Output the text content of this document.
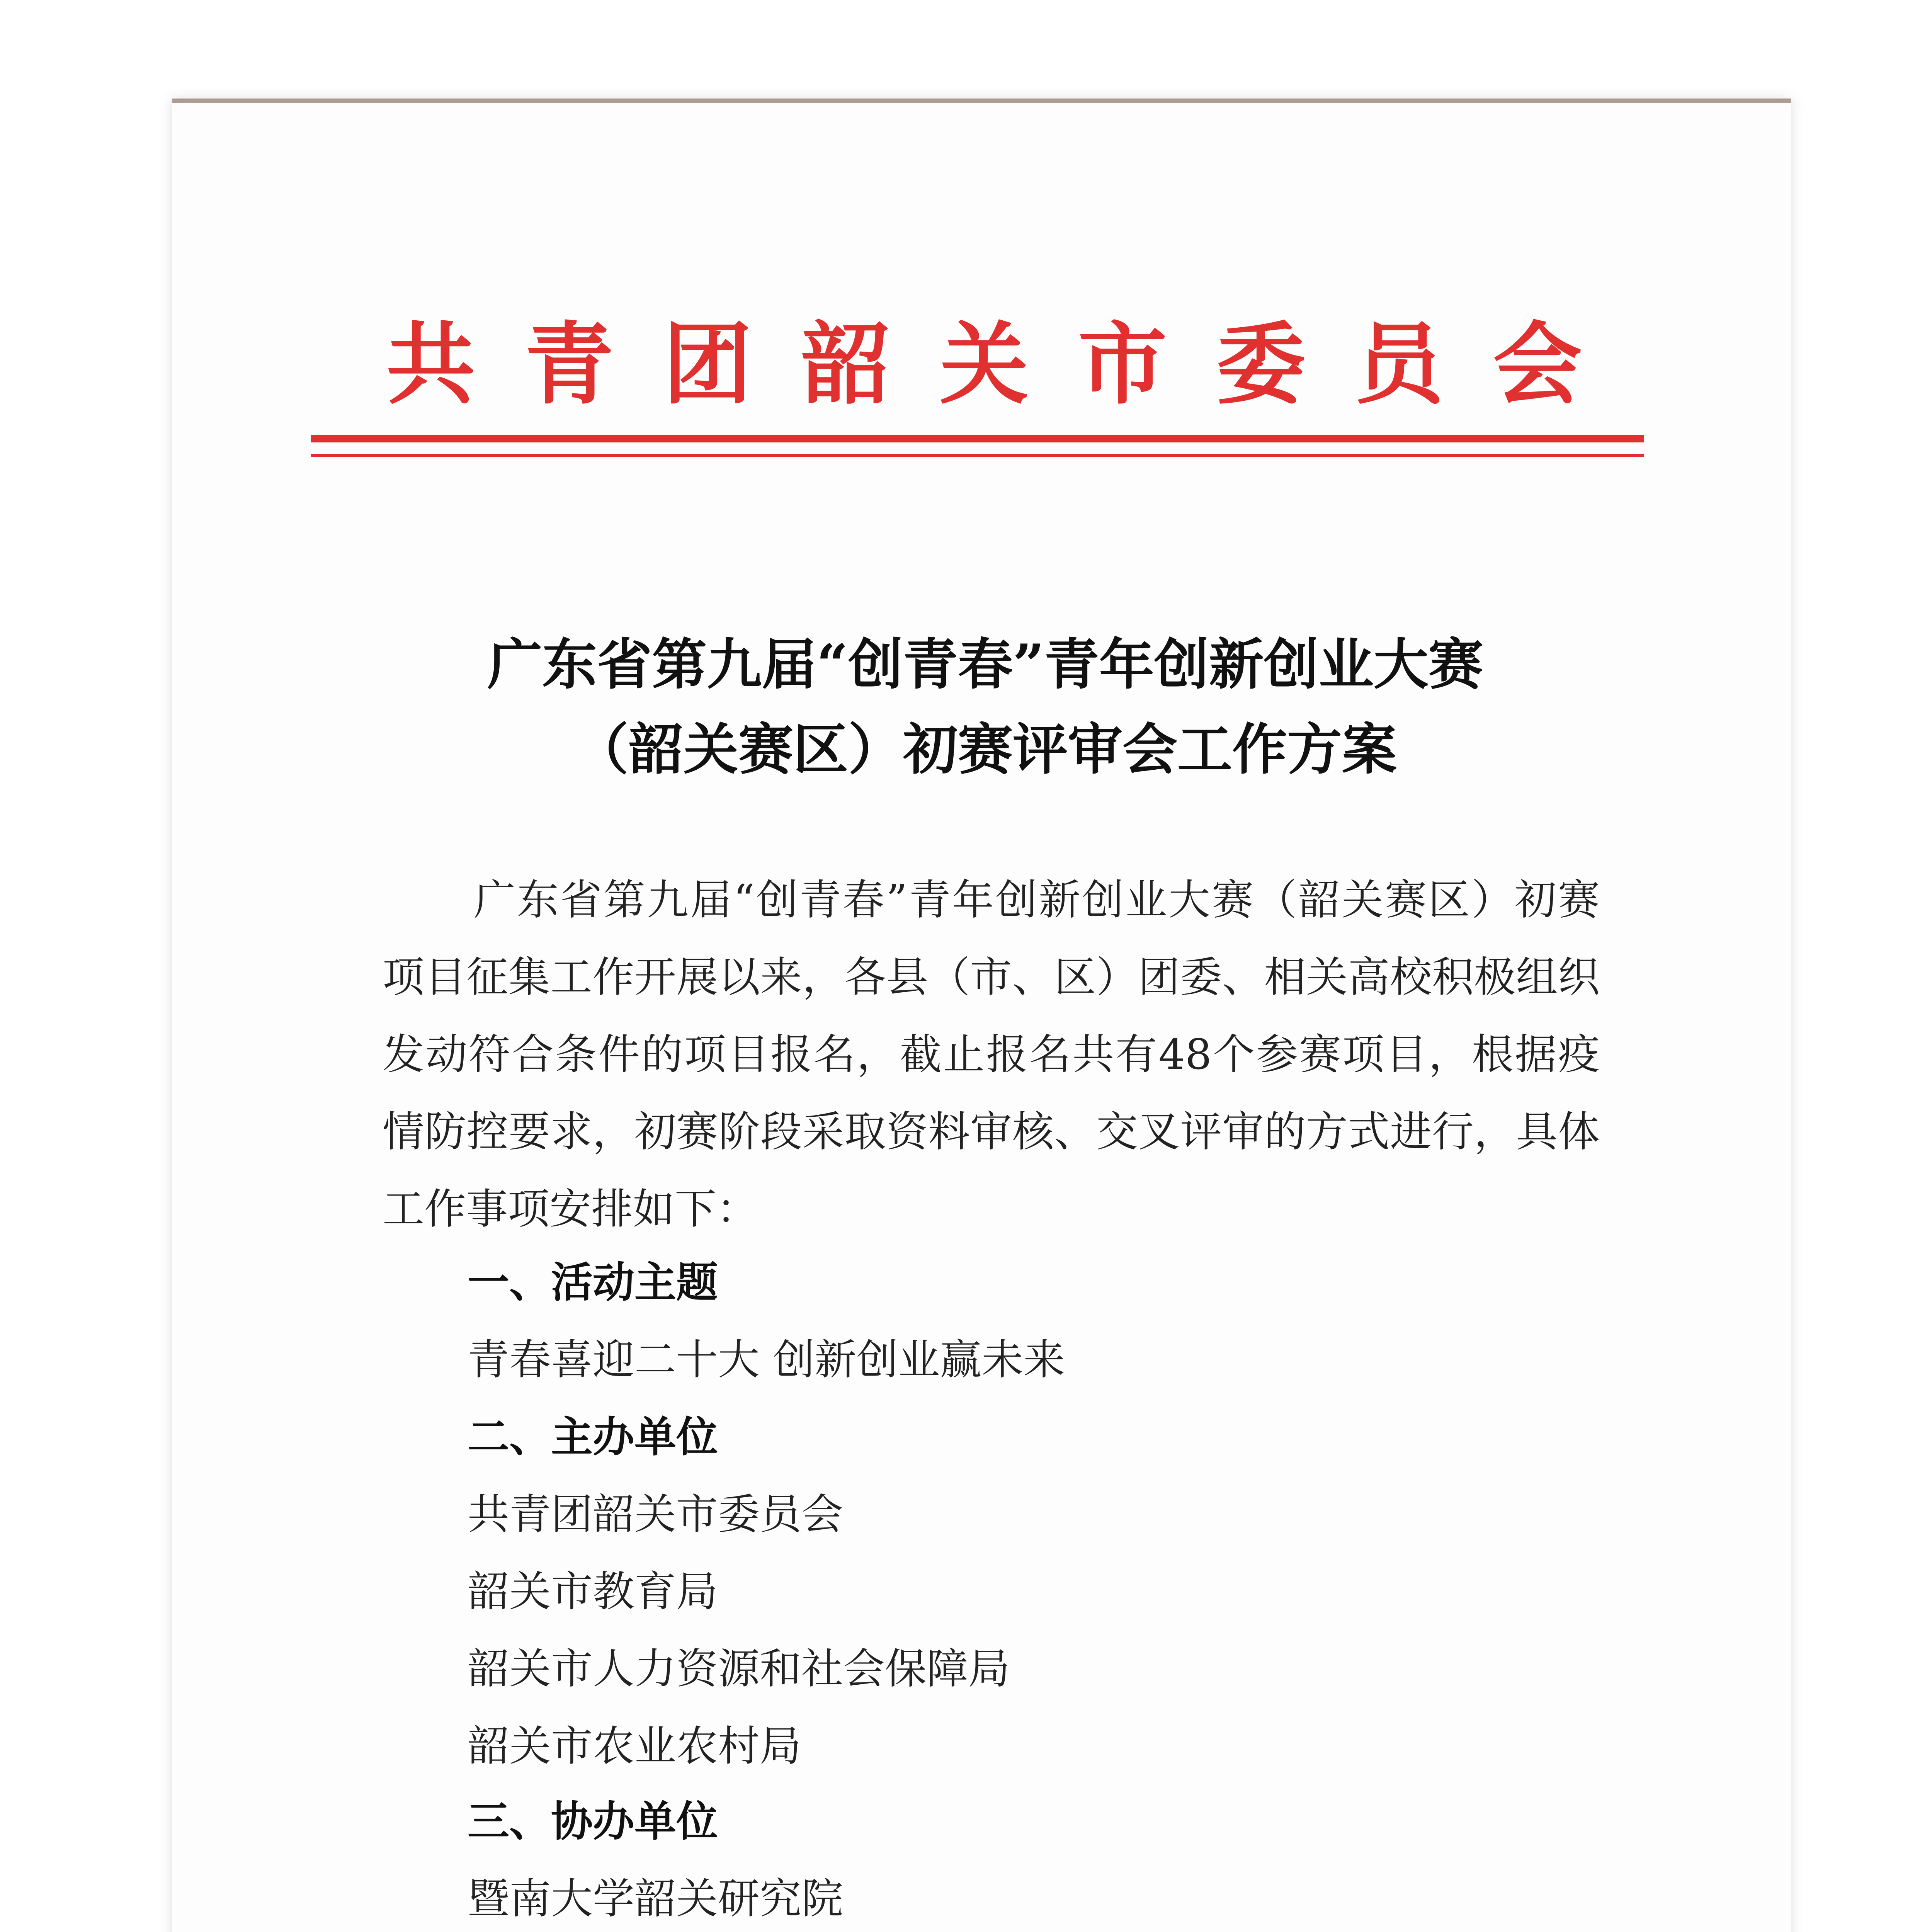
共青团韶关市委员会
广东省第九届“创青春”青年创新创业大赛
（韶关赛区）初赛评审会工作方案
广东省第九届“创青春”青年创新创业大赛（韶关赛区）初赛项目征集工作开展以来，各县（市、区）团委、相关高校积极组织发动符合条件的项目报名，截止报名共有48个参赛项目，根据疫情防控要求，初赛阶段采取资料审核、交叉评审的方式进行，具体工作事项安排如下：
一、活动主题
青春喜迎二十大 创新创业赢未来
二、主办单位
共青团韶关市委员会
韶关市教育局
韶关市人力资源和社会保障局
韶关市农业农村局
三、协办单位
暨南大学韶关研究院
